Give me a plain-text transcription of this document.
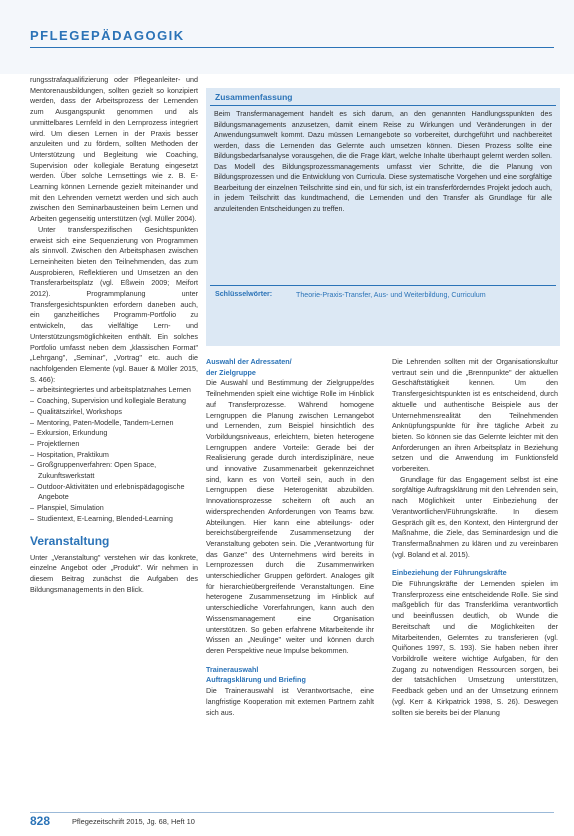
PFLEGEPÄDAGOGIK

rungsstrafaqualifizierung oder Pflegeanleiter- und Mentorenausbildungen, sollten gezielt so konzipiert werden, dass der Arbeitsprozess der Lernenden zum Ausgangspunkt genommen und als unmittelbares Lernfeld in den Lernprozess integriert wird. Um diesen Lernen in der Praxis besser anzuleiten und zu fördern, sollten Methoden der Unterstützung und Begleitung wie Coaching, Supervision oder kollegiale Beratung eingesetzt werden. Über solche Lernsettings wie z. B. E-Learning können Lernende gezielt miteinander und mit den Lehrenden vernetzt werden und sich auch zwischen den Seminarbausteinen beim Lernen und Arbeiten gegenseitig unterstützen (vgl. Müller 2004).

Unter transferspezifischen Gesichtspunkten erweist sich eine Sequenzierung von Programmen als sinnvoll. Zwischen den Arbeitsphasen zwischen Lerneinheiten bieten den Teilnehmenden, das zum Ausprobieren, Reflektieren und Umsetzen an den Transferarbeitsplatz (vgl. Eßwein 2009; Meifort 2012). Programmplanung unter Transfergesichtspunkten erfordern daneben auch, ein ganzheitliches Programm-Portfolio zu entwickeln, das vielfältige Lern- und Unterstützungsmöglichkeiten enthält. Ein solches Portfolio umfasst neben dem „klassischen Format" „Lehrgang", „Seminar", „Vortrag" etc. auch die nachfolgenden Elemente (vgl. Bauer & Müller 2015, S. 466):

– arbeitsintegriertes und arbeitsplatznahes Lernen
– Coaching, Supervision und kollegiale Beratung
– Qualitätszirkel, Workshops
– Mentoring, Paten-Modelle, Tandem-Lernen
– Exkursion, Erkundung
– Projektlernen
– Hospitation, Praktikum
– Großgruppenverfahren: Open Space, Zukunftswerkstatt
– Outdoor-Aktivitäten und erlebnispädagogische Angebote
– Planspiel, Simulation
– Studientext, E-Learning, Blended-Learning
Veranstaltung

Unter „Veranstaltung" verstehen wir das konkrete, einzelne Angebot oder „Produkt". Wir nehmen in diesem Beitrag zunächst die Aufgaben des Bildungsmanagements in den Blick.

Zusammenfassung
Beim Transfermanagement handelt es sich darum, an den genannten Handlungsspunkten des Bildungsmanagements anzusetzen, damit einem Reise zu Wirkungen und Veränderungen in der Anwendungsumwelt kommt. Dazu müssen Lernangebote so vorbereitet, durchgeführt und nachbereitet werden, dass die Lernenden das Gelernte auch umsetzen können. Diesen Prozess sollte eine Bildungsbedarfsanalyse vorausgehen, die die Frage klärt, welche Inhalte überhaupt gelernt werden sollen. Das Modell des Bildungsprozessmanagements umfasst vier Schritte, die die Planung von Bildungsprozessen und die Entwicklung von Curricula. Diese systematische Vorgehen und eine sorgfältige Bearbeitung der einzelnen Teilschritte sind ein, und für sich, ist ein transferförderndes Projekt jedoch auch, in jedem Teilschritt das kundtmachend, die Lernenden und den Transfer als Grundlage für alle anzuleitenden Entscheidungen zu treffen.
Schlüsselwörter:	Theorie-Praxis-Transfer, Aus- und Weiterbildung, Curriculum
Auswahl der Adressaten/
der Zielgruppe

Die Auswahl und Bestimmung der Zielgruppe/des Teilnehmenden spielt eine wichtige Rolle im Hinblick auf Transferprozesse. Während homogene Lerngruppen die Planung zwischen Lernangebot und Lernenden, zum Beispiel hinsichtlich des Vorbildungsniveaus, erleichtern, bieten heterogene Lerngruppen andere Vorteile: Gerade bei der Realisierung gerade durch interdisziplinäre, neue und innovative Zusammenarbeit gekennzeichnet sind, kann es von Vorteil sein, auch in den Lerngruppen diese Heterogenität abzubilden. Innovationsprozesse scheitern oft auch an widersprechenden Anforderungen von Teams bzw. Abteilungen. Hier kann eine abteilungs- oder bereichsübergreifende Zusammensetzung der Veranstaltung geboten sein. Die „Verantwortung für das Ganze" des Unternehmens wird bereits in Lernprozessen durch die Zusammenwirken unterschiedlicher Gruppen gefördert. Analoges gilt für hierarchieübergreifende Veranstaltungen. Eine heterogene Zusammensetzung im Hinblick auf unterschiedliche Vorerfahrungen, kann auch den Wissensmanagement eine Organisation unterstützen. So geben erfahrene Mitarbeitende ihr Wissen an „Neulinge" weiter und können durch deren Perspektive neue Impulse bekommen.

Trainerauswahl
Auftragsklärung und Briefing

Die Trainerauswahl ist Verantwortsache, eine langfristige Kooperation mit externen Partnern zahlt sich aus.

Die Lehrenden sollten mit der Organisationskultur vertraut sein und die „Brennpunkte" der aktuellen Geschäftstätigkeit kennen. Um den Transfergesichtspunkten ist es entscheidend, durch aktuelle und authentische Beispiele aus der Unternehmensrealität den Teilnehmenden Anknüpfungspunkte für ihre tägliche Arbeit zu bieten. So können sie das Gelernte leichter mit den Anforderungen an ihren Arbeitsplatz in Beziehung setzen und die Anwendung im Funktionsfeld vorbereiten.

Grundlage für das Engagement selbst ist eine sorgfältige Auftragsklärung mit den Lehrenden sein, nach Möglichkeit unter Einbeziehung der Verantwortlichen/Führungskräfte. In diesem Gespräch gilt es, den Kontext, den Hintergrund der Maßnahme, die Ziele, das Seminardesign und die Transfermaßnahmen zu klären und zu vereinbaren (vgl. Boland et al. 2015).

Einbeziehung der Führungskräfte

Die Führungskräfte der Lernenden spielen im Transferprozess eine entscheidende Rolle. Sie sind maßgeblich für das Transferklima verantwortlich und beeinflussen deutlich, ob Wunde die Bereitschaft und die Möglichkeiten der Mitarbeitenden, Gelerntes zu transferieren (vgl. Quiñones 1997, S. 193). Sie haben neben ihrer Vorbildrolle weitere wichtige Aufgaben, für den Zugang zu notwendigen Ressourcen sorgen, bei der tatsächlichen Umsetzung unterstützen, Feedback geben und an der Umsetzung erinnern (vgl. Kerr & Kirkpatrick 1998, S. 26). Deswegen sollten sie bereits bei der Planung

828	Pflegezeitschrift 2015, Jg. 68, Heft 10
